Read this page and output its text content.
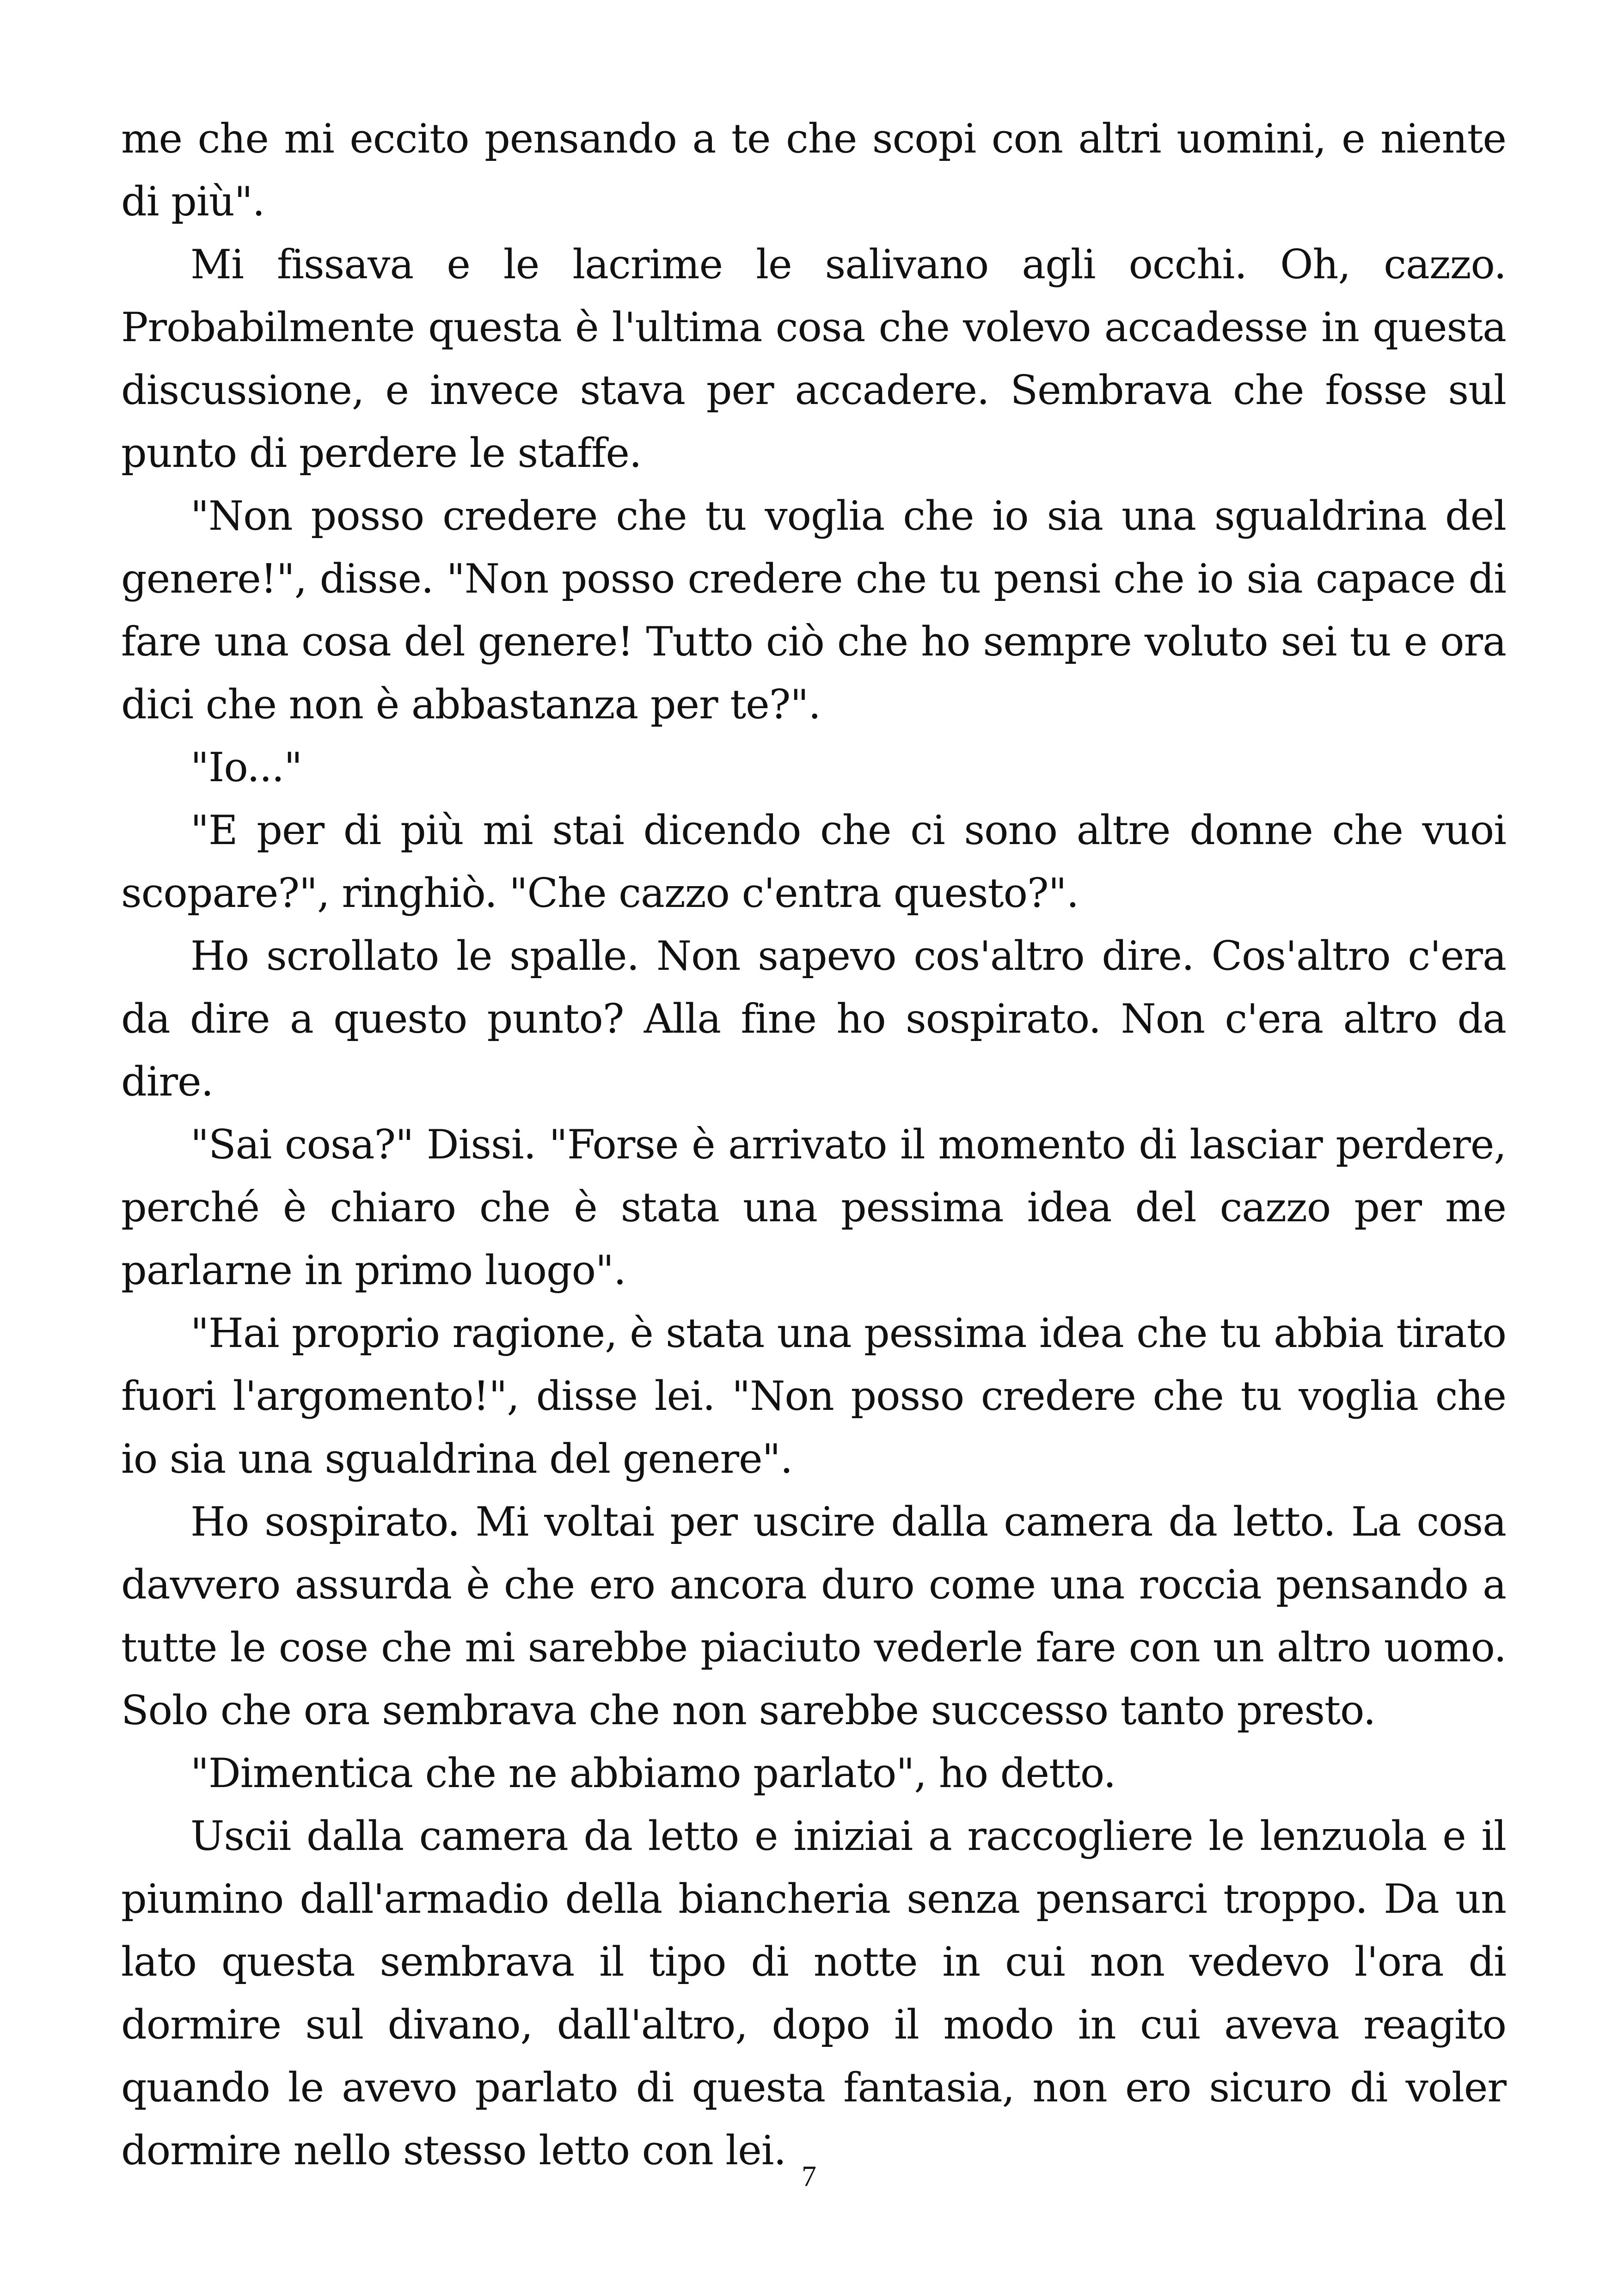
me che mi eccito pensando a te che scopi con altri uomini, e niente di più".

Mi fissava e le lacrime le salivano agli occhi. Oh, cazzo. Probabilmente questa è l'ultima cosa che volevo accadesse in questa discussione, e invece stava per accadere. Sembrava che fosse sul punto di perdere le staffe.

"Non posso credere che tu voglia che io sia una sgualdrina del genere!", disse. "Non posso credere che tu pensi che io sia capace di fare una cosa del genere! Tutto ciò che ho sempre voluto sei tu e ora dici che non è abbastanza per te?".

"Io..."

"E per di più mi stai dicendo che ci sono altre donne che vuoi scopare?", ringhiò. "Che cazzo c'entra questo?".

Ho scrollato le spalle. Non sapevo cos'altro dire. Cos'altro c'era da dire a questo punto? Alla fine ho sospirato. Non c'era altro da dire.

"Sai cosa?" Dissi. "Forse è arrivato il momento di lasciar perdere, perché è chiaro che è stata una pessima idea del cazzo per me parlarne in primo luogo".

"Hai proprio ragione, è stata una pessima idea che tu abbia tirato fuori l'argomento!", disse lei. "Non posso credere che tu voglia che io sia una sgualdrina del genere".

Ho sospirato. Mi voltai per uscire dalla camera da letto. La cosa davvero assurda è che ero ancora duro come una roccia pensando a tutte le cose che mi sarebbe piaciuto vederle fare con un altro uomo. Solo che ora sembrava che non sarebbe successo tanto presto.

"Dimentica che ne abbiamo parlato", ho detto.

Uscii dalla camera da letto e iniziai a raccogliere le lenzuola e il piumino dall'armadio della biancheria senza pensarci troppo. Da un lato questa sembrava il tipo di notte in cui non vedevo l'ora di dormire sul divano, dall'altro, dopo il modo in cui aveva reagito quando le avevo parlato di questa fantasia, non ero sicuro di voler dormire nello stesso letto con lei.

7
